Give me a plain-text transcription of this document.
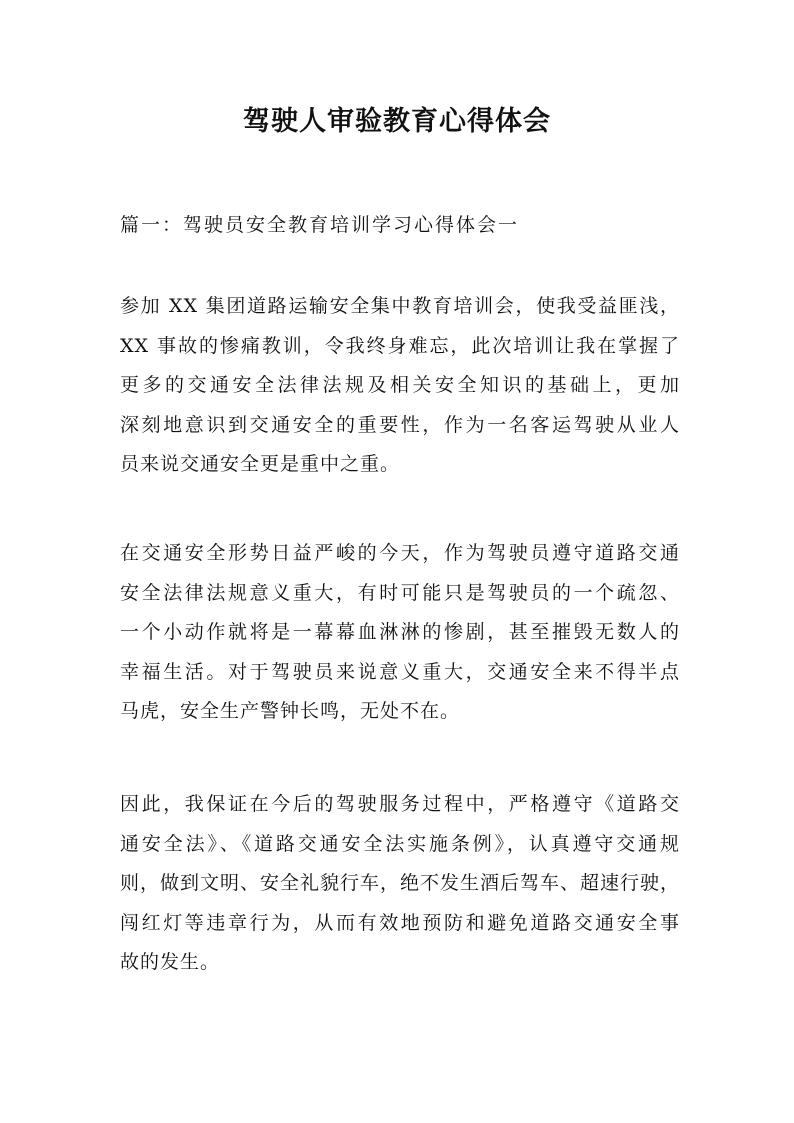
驾驶人审验教育心得体会

篇一：驾驶员安全教育培训学习心得体会一

参加 XX 集团道路运输安全集中教育培训会，使我受益匪浅，
XX 事故的惨痛教训，令我终身难忘，此次培训让我在掌握了
更多的交通安全法律法规及相关安全知识的基础上，更加
深刻地意识到交通安全的重要性，作为一名客运驾驶从业人
员来说交通安全更是重中之重。

在交通安全形势日益严峻的今天，作为驾驶员遵守道路交通
安全法律法规意义重大，有时可能只是驾驶员的一个疏忽、
一个小动作就将是一幕幕血淋淋的惨剧，甚至摧毁无数人的
幸福生活。对于驾驶员来说意义重大，交通安全来不得半点
马虎，安全生产警钟长鸣，无处不在。

因此，我保证在今后的驾驶服务过程中，严格遵守《道路交
通安全法》、《道路交通安全法实施条例》，认真遵守交通规
则，做到文明、安全礼貌行车，绝不发生酒后驾车、超速行驶，
闯红灯等违章行为，从而有效地预防和避免道路交通安全事
故的发生。
